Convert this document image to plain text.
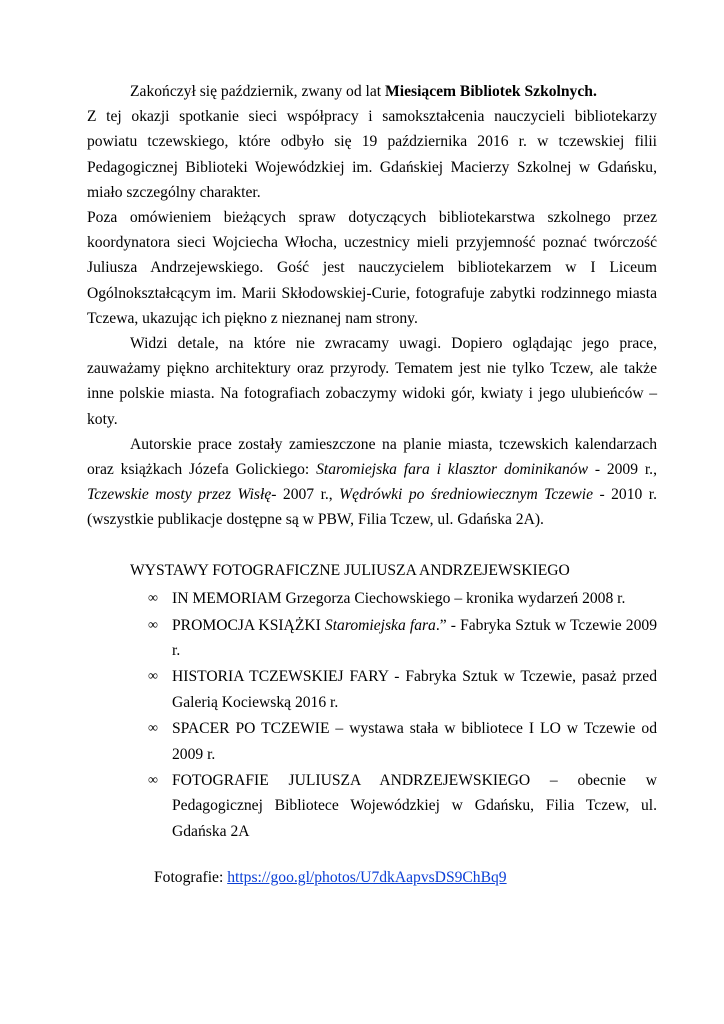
Zakończył się październik, zwany od lat Miesiącem Bibliotek Szkolnych.

Z tej okazji spotkanie sieci współpracy i samokształcenia nauczycieli bibliotekarzy powiatu tczewskiego, które odbyło się 19 października 2016 r. w tczewskiej filii Pedagogicznej Biblioteki Wojewódzkiej im. Gdańskiej Macierzy Szkolnej w Gdańsku, miało szczególny charakter.

Poza omówieniem bieżących spraw dotyczących bibliotekarstwa szkolnego przez koordynatora sieci Wojciecha Włocha, uczestnicy mieli przyjemność poznać twórczość Juliusza Andrzejewskiego. Gość jest nauczycielem bibliotekarzem w I Liceum Ogólnokształcącym im. Marii Skłodowskiej-Curie, fotografuje zabytki rodzinnego miasta Tczewa, ukazując ich piękno z nieznanej nam strony.

Widzi detale, na które nie zwracamy uwagi. Dopiero oglądając jego prace, zauważamy piękno architektury oraz przyrody. Tematem jest nie tylko Tczew, ale także inne polskie miasta. Na fotografiach zobaczymy widoki gór, kwiaty i jego ulubieńców – koty.

Autorskie prace zostały zamieszczone na planie miasta, tczewskich kalendarzach oraz książkach Józefa Golickiego: Staromiejska fara i klasztor dominikanów - 2009 r., Tczewskie mosty przez Wisłę- 2007 r., Wędrówki po średniowiecznym Tczewie - 2010 r. (wszystkie publikacje dostępne są w PBW, Filia Tczew, ul. Gdańska 2A).

WYSTAWY FOTOGRAFICZNE JULIUSZA ANDRZEJEWSKIEGO
∞ IN MEMORIAM Grzegorza Ciechowskiego – kronika wydarzeń 2008 r.
∞ PROMOCJA KSIĄŻKI Staromiejska fara.” - Fabryka Sztuk w Tczewie 2009 r.
∞ HISTORIA TCZEWSKIEJ FARY - Fabryka Sztuk w Tczewie, pasaż przed Galerią Kociewską 2016 r.
∞ SPACER PO TCZEWIE – wystawa stała w bibliotece I LO w Tczewie od 2009 r.
∞ FOTOGRAFIE JULIUSZA ANDRZEJEWSKIEGO – obecnie w Pedagogicznej Bibliotece Wojewódzkiej w Gdańsku, Filia Tczew, ul. Gdańska 2A
Fotografie: https://goo.gl/photos/U7dkAapvsDS9ChBq9
